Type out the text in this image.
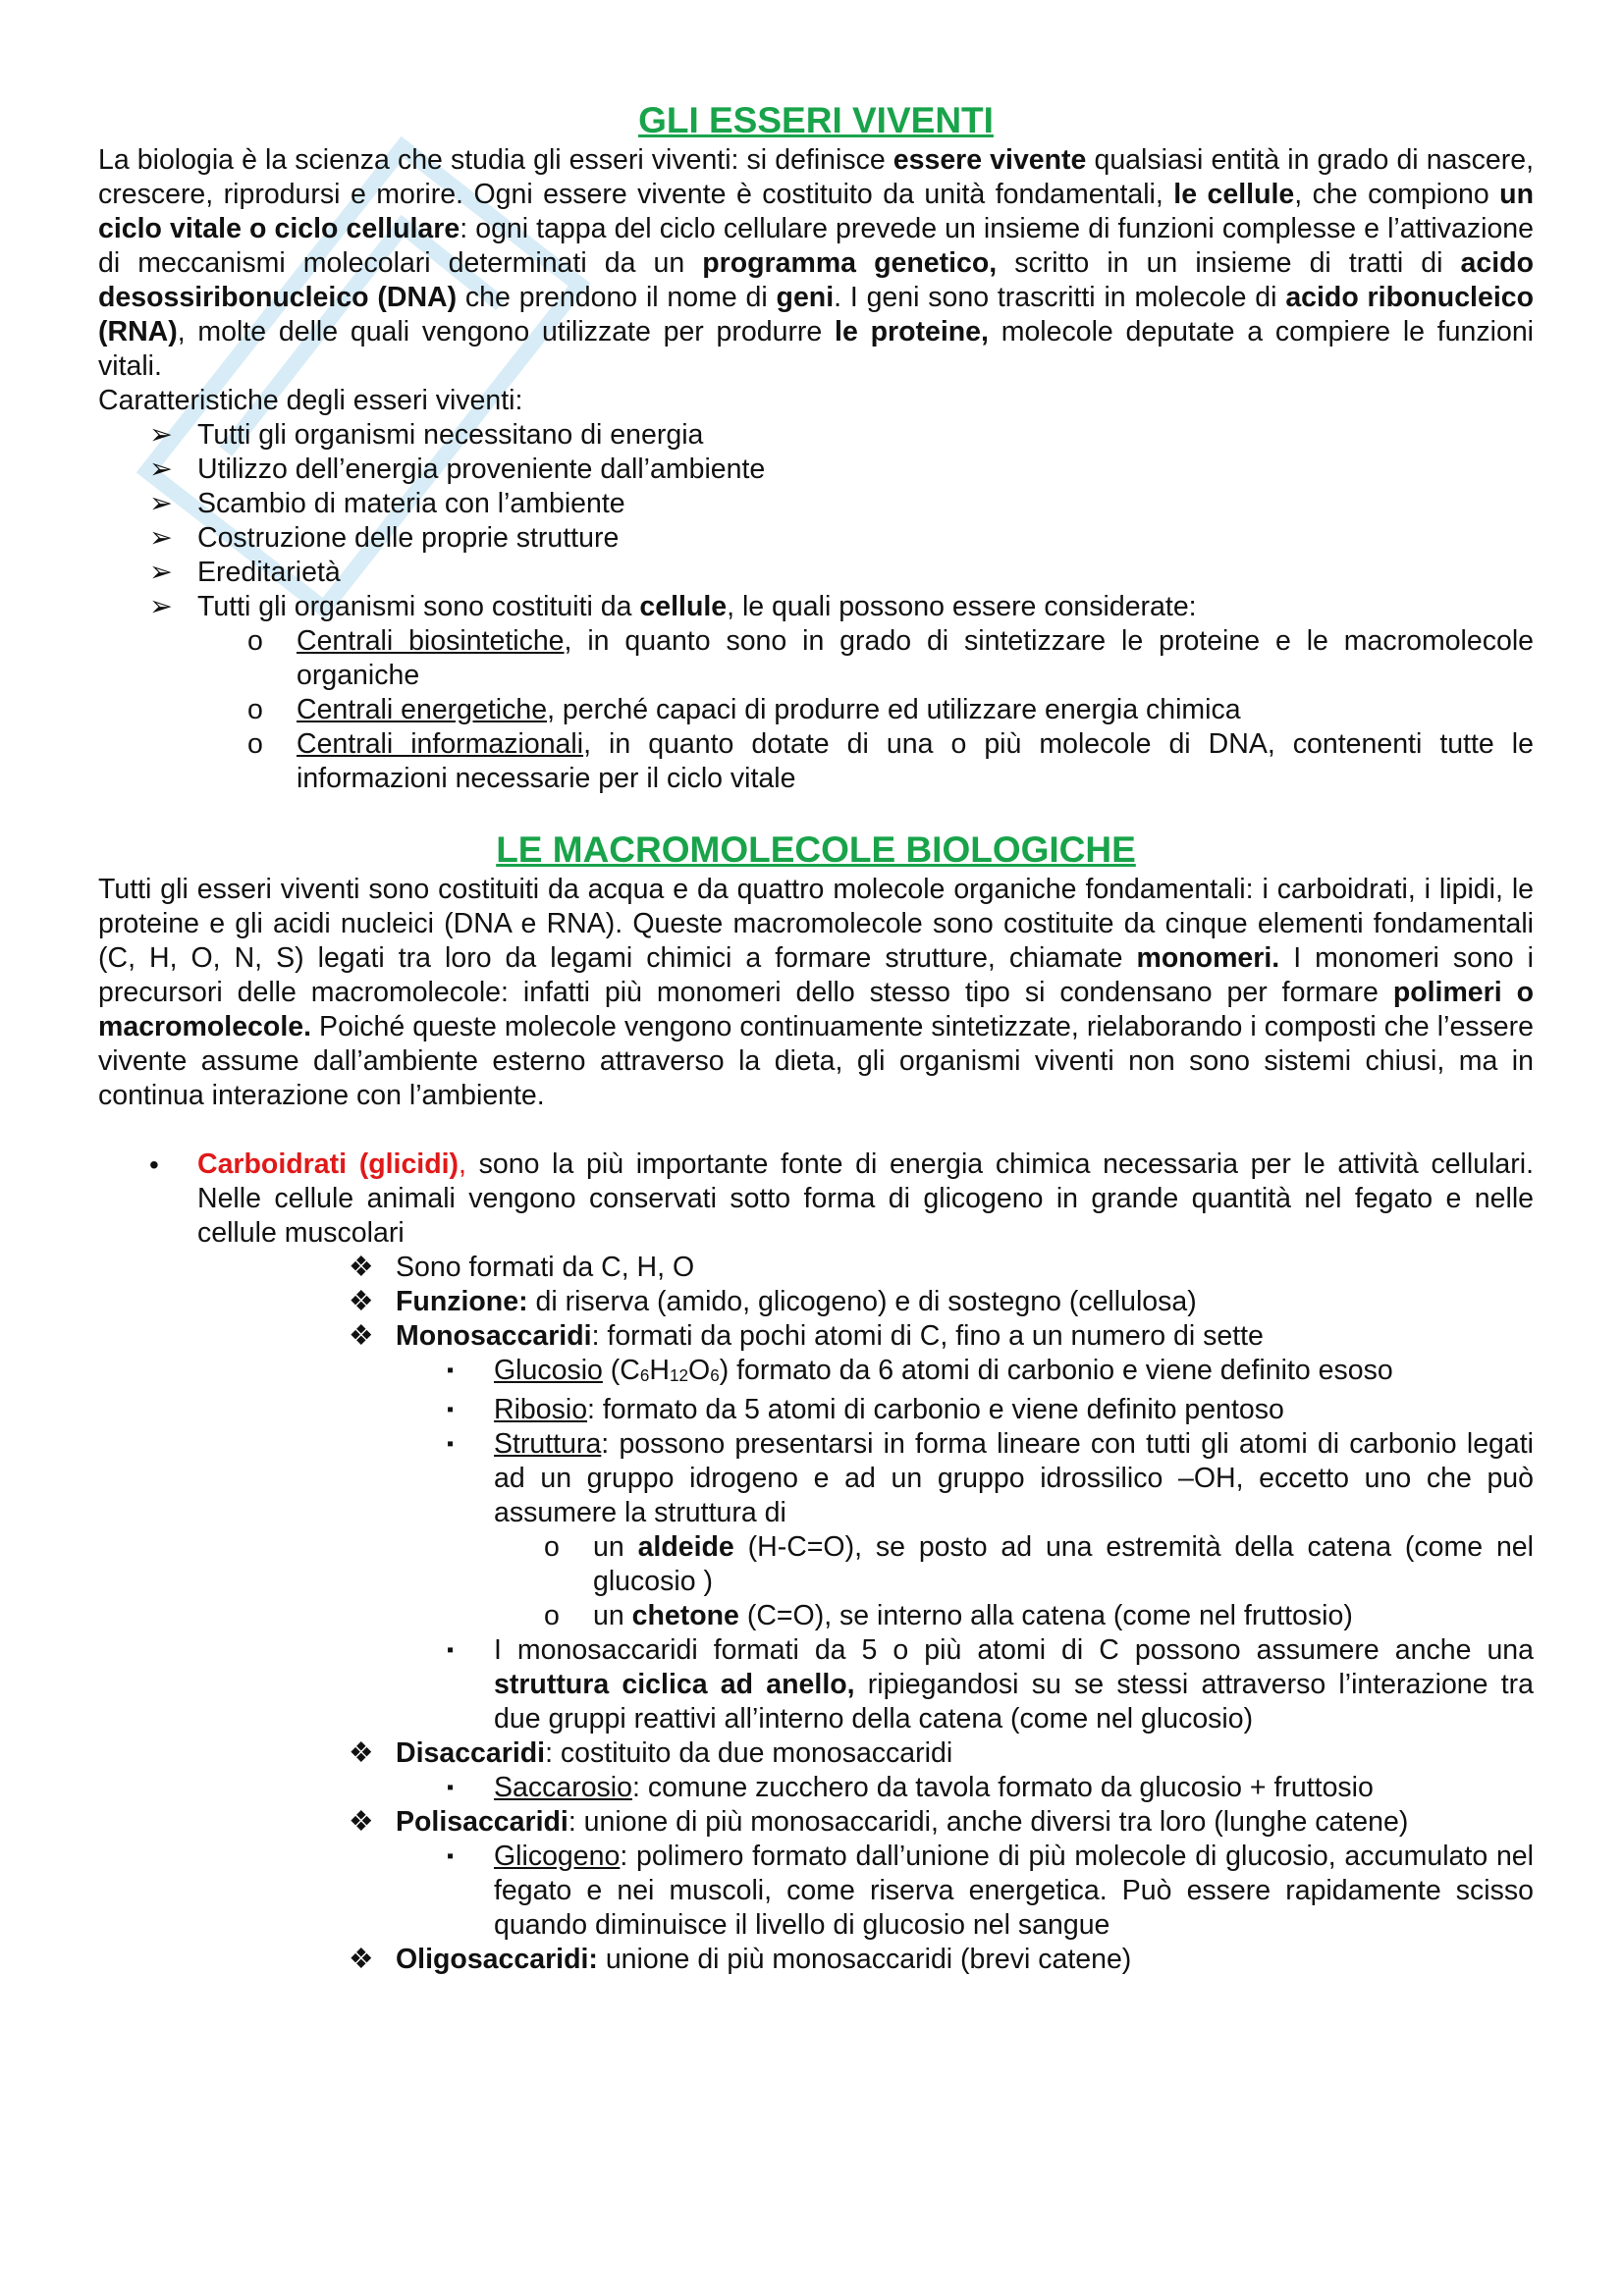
GLI ESSERI VIVENTI

La biologia è la scienza che studia gli esseri viventi: si definisce essere vivente qualsiasi entità in grado di nascere, crescere, riprodursi e morire. Ogni essere vivente è costituito da unità fondamentali, le cellule, che compiono un ciclo vitale o ciclo cellulare: ogni tappa del ciclo cellulare prevede un insieme di funzioni complesse e l’attivazione di meccanismi molecolari determinati da un programma genetico, scritto in un insieme di tratti di acido desossiribonucleico (DNA) che prendono il nome di geni. I geni sono trascritti in molecole di acido ribonucleico (RNA), molte delle quali vengono utilizzate per produrre le proteine, molecole deputate a compiere le funzioni vitali.

Caratteristiche degli esseri viventi:

➢ Tutti gli organismi necessitano di energia
➢ Utilizzo dell’energia proveniente dall’ambiente
➢ Scambio di materia con l’ambiente
➢ Costruzione delle proprie strutture
➢ Ereditarietà
➢ Tutti gli organismi sono costituiti da cellule, le quali possono essere considerate:
o Centrali biosintetiche, in quanto sono in grado di sintetizzare le proteine e le macromolecole organiche
o Centrali energetiche, perché capaci di produrre ed utilizzare energia chimica
o Centrali informazionali, in quanto dotate di una o più molecole di DNA, contenenti tutte le informazioni necessarie per il ciclo vitale
LE MACROMOLECOLE BIOLOGICHE

Tutti gli esseri viventi sono costituiti da acqua e da quattro molecole organiche fondamentali: i carboidrati, i lipidi, le proteine e gli acidi nucleici (DNA e RNA). Queste macromolecole sono costituite da cinque elementi fondamentali (C, H, O, N, S) legati tra loro da legami chimici a formare strutture, chiamate monomeri. I monomeri sono i precursori delle macromolecole: infatti più monomeri dello stesso tipo si condensano per formare polimeri o macromolecole. Poiché queste molecole vengono continuamente sintetizzate, rielaborando i composti che l’essere vivente assume dall’ambiente esterno attraverso la dieta, gli organismi viventi non sono sistemi chiusi, ma in continua interazione con l’ambiente.

• Carboidrati (glicidi), sono la più importante fonte di energia chimica necessaria per le attività cellulari. Nelle cellule animali vengono conservati sotto forma di glicogeno in grande quantità nel fegato e nelle cellule muscolari
❖ Sono formati da C, H, O
❖ Funzione: di riserva (amido, glicogeno) e di sostegno (cellulosa)
❖ Monosaccaridi: formati da pochi atomi di C, fino a un numero di sette
▪ Glucosio $(C_6H_{12}O_6)$ formato da 6 atomi di carbonio e viene definito esoso
▪ Ribosio: formato da 5 atomi di carbonio e viene definito pentoso
▪ Struttura: possono presentarsi in forma lineare con tutti gli atomi di carbonio legati ad un gruppo idrogeno e ad un gruppo idrossilico –OH, eccetto uno che può assumere la struttura di
o un aldeide (H-C=O), se posto ad una estremità della catena (come nel glucosio )
o un chetone (C=O), se interno alla catena (come nel fruttosio)
▪ I monosaccaridi formati da 5 o più atomi di C possono assumere anche una struttura ciclica ad anello, ripiegandosi su se stessi attraverso l’interazione tra due gruppi reattivi all’interno della catena (come nel glucosio)
❖ Disaccaridi: costituito da due monosaccaridi
▪ Saccarosio: comune zucchero da tavola formato da glucosio + fruttosio
❖ Polisaccaridi: unione di più monosaccaridi, anche diversi tra loro (lunghe catene)
▪ Glicogeno: polimero formato dall’unione di più molecole di glucosio, accumulato nel fegato e nei muscoli, come riserva energetica. Può essere rapidamente scisso quando diminuisce il livello di glucosio nel sangue
❖ Oligosaccaridi: unione di più monosaccaridi (brevi catene)
